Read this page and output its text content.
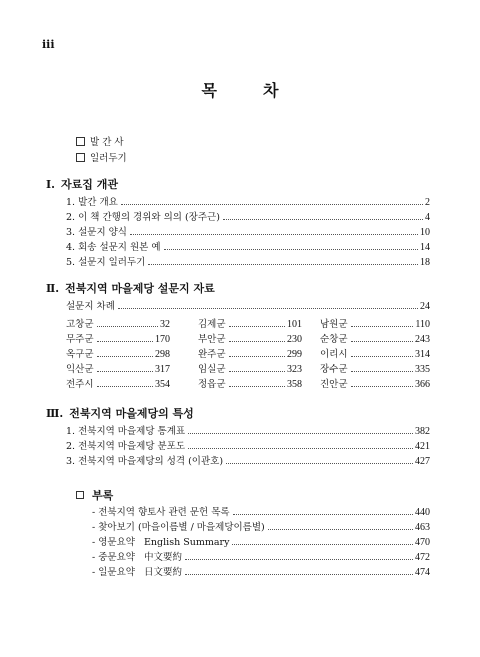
iii
목차
발 간 사
일러두기
Ⅰ. 자료집 개관
1. 발간 개요	2
2. 이 책 간행의 경위와 의의 (장주근)	4
3. 설문지 양식	10
4. 회송 설문지 원본 예	14
5. 설문지 일러두기	18
Ⅱ. 전북지역 마을제당 설문지 자료
설문지 차례	24
고창군	32	김제군	101 남원군	110
무주군	170	부안군	230 순창군	243
옥구군	298	완주군	299 이리시	314
익산군	317	임실군	323 장수군	335
전주시	354	정읍군	358 진안군	366
Ⅲ. 전북지역 마을제당의 특성
1. 전북지역 마을제당 통계표	382
2. 전북지역 마을제당 분포도	421
3. 전북지역 마을제당의 성격 (이관호)	427
부록
- 전북지역 향토사 관련 문헌 목록	440
- 찾아보기 (마을이름별 / 마을제당이름별)	463
- 영문요약   English Summary	470
- 중문요약   中文要約	472
- 일문요약   日文要約	474
